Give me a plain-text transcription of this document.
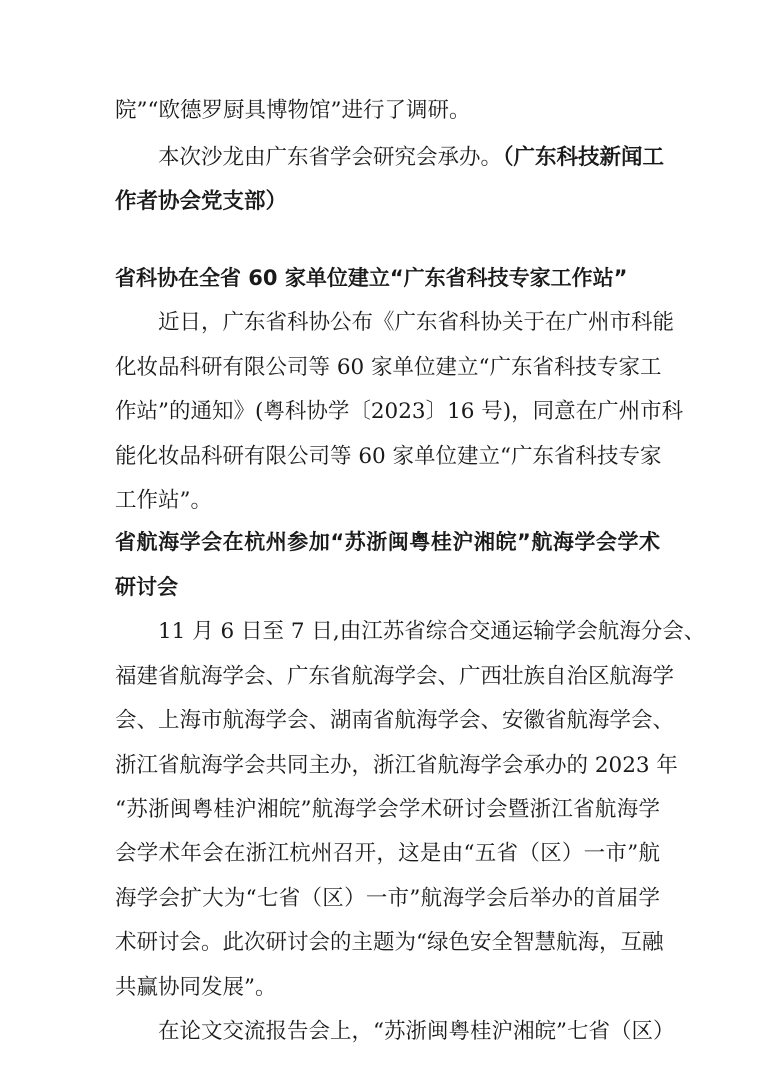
院”“欧德罗厨具博物馆”进行了调研。
本次沙龙由广东省学会研究会承办。
（广东科技新闻工
作者协会党支部）
省科协在全省 60 家单位建立“广东省科技专家工作站”
近日，广东省科协公布《广东省科协关于在广州市科能
化妆品科研有限公司等 60 家单位建立“广东省科技专家工
作站”的通知》(粤科协学〔2023〕16 号)，同意在广州市科
能化妆品科研有限公司等 60 家单位建立“广东省科技专家
工作站”。
省航海学会在杭州参加“苏浙闽粤桂沪湘皖”航海学会学术
研讨会
11 月 6 日至 7 日,由江苏省综合交通运输学会航海分会、
福建省航海学会、广东省航海学会、广西壮族自治区航海学
会、上海市航海学会、湖南省航海学会、安徽省航海学会、
浙江省航海学会共同主办，浙江省航海学会承办的 2023 年
“苏浙闽粤桂沪湘皖”航海学会学术研讨会暨浙江省航海学
会学术年会在浙江杭州召开，这是由“五省（区）一市”航
海学会扩大为“七省（区）一市”航海学会后举办的首届学
术研讨会。此次研讨会的主题为“绿色安全智慧航海，互融
共赢协同发展”。
在论文交流报告会上，“苏浙闽粤桂沪湘皖”七省（区）
